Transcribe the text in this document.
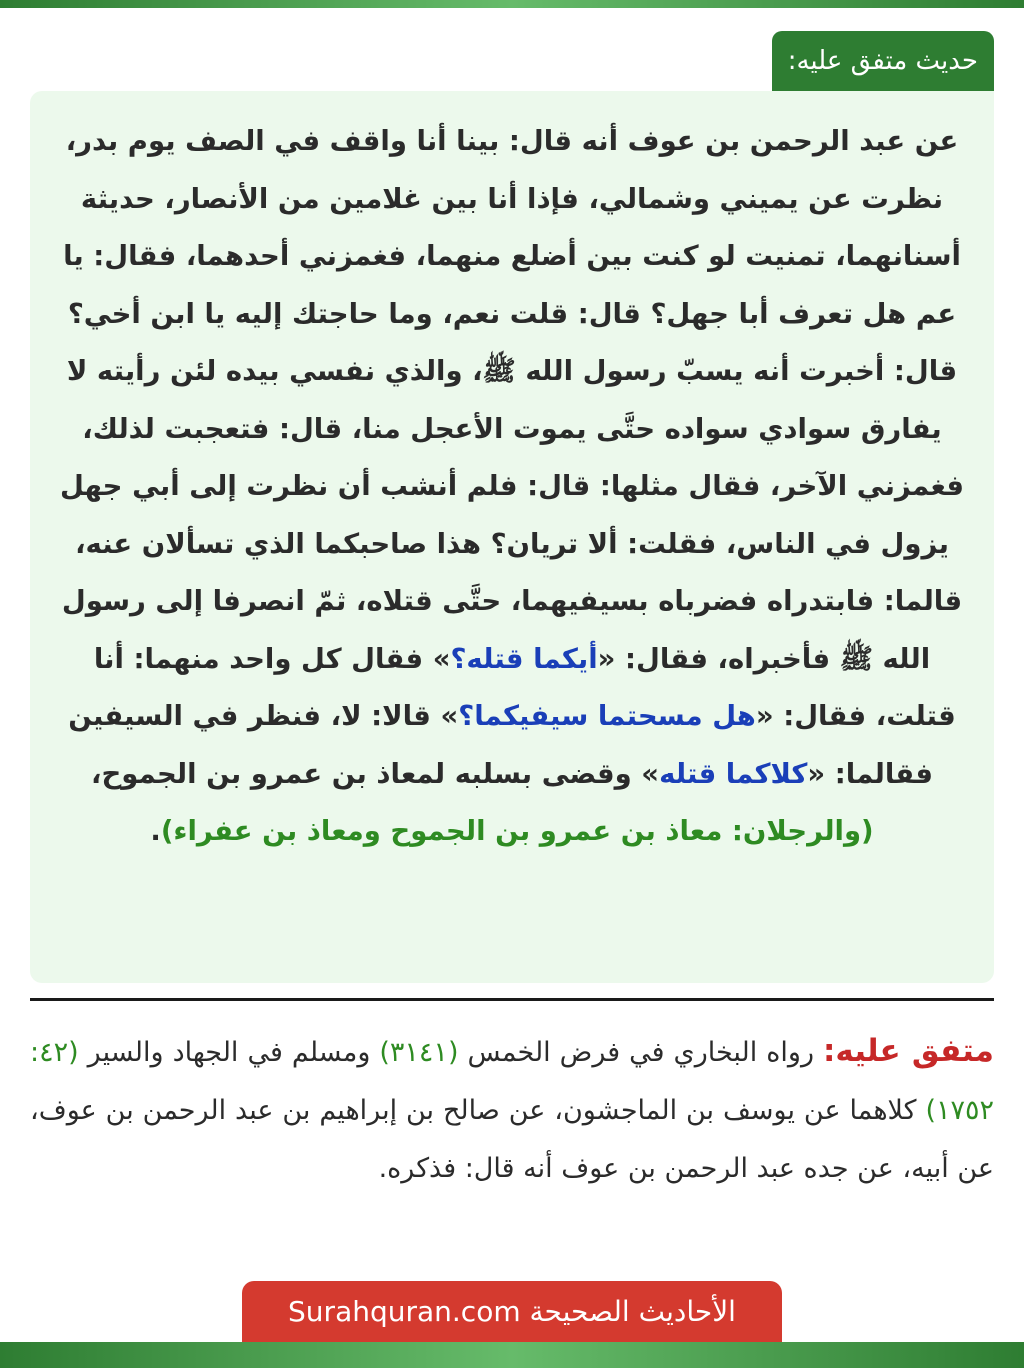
حديث متفق عليه:

عن عبد الرحمن بن عوف أنه قال: بينا أنا واقف في الصف يوم بدر، نظرت عن يميني وشمالي، فإذا أنا بين غلامين من الأنصار، حديثة أسنانهما، تمنيت لو كنت بين أضلع منهما، فغمزني أحدهما، فقال: يا عم هل تعرف أبا جهل؟ قال: قلت نعم، وما حاجتك إليه يا ابن أخي؟ قال: أخبرت أنه يسبّ رسول الله ﷺ، والذي نفسي بيده لئن رأيته لا يفارق سوادي سواده حتَّى يموت الأعجل منا، قال: فتعجبت لذلك، فغمزني الآخر، فقال مثلها: قال: فلم أنشب أن نظرت إلى أبي جهل يزول في الناس، فقلت: ألا تريان؟ هذا صاحبكما الذي تسألان عنه، قالما: فابتدراه فضرباه بسيفيهما، حتَّى قتلاه، ثمّ انصرفا إلى رسول الله ﷺ فأخبراه، فقال: «أيكما قتله؟» فقال كل واحد منهما: أنا قتلت، فقال: «هل مسحتما سيفيكما؟» قالا: لا، فنظر في السيفين فقالما: «كلاكما قتله» وقضى بسلبه لمعاذ بن عمرو بن الجموح، (والرجلان: معاذ بن عمرو بن الجموح ومعاذ بن عفراء).

متفق عليه: رواه البخاري في فرض الخمس (٣١٤١) ومسلم في الجهاد والسير (٤٢: ١٧٥٢) كلاهما عن يوسف بن الماجشون، عن صالح بن إبراهيم بن عبد الرحمن بن عوف، عن أبيه، عن جده عبد الرحمن بن عوف أنه قال: فذكره.

الأحاديث الصحيحة Surahquran.com
